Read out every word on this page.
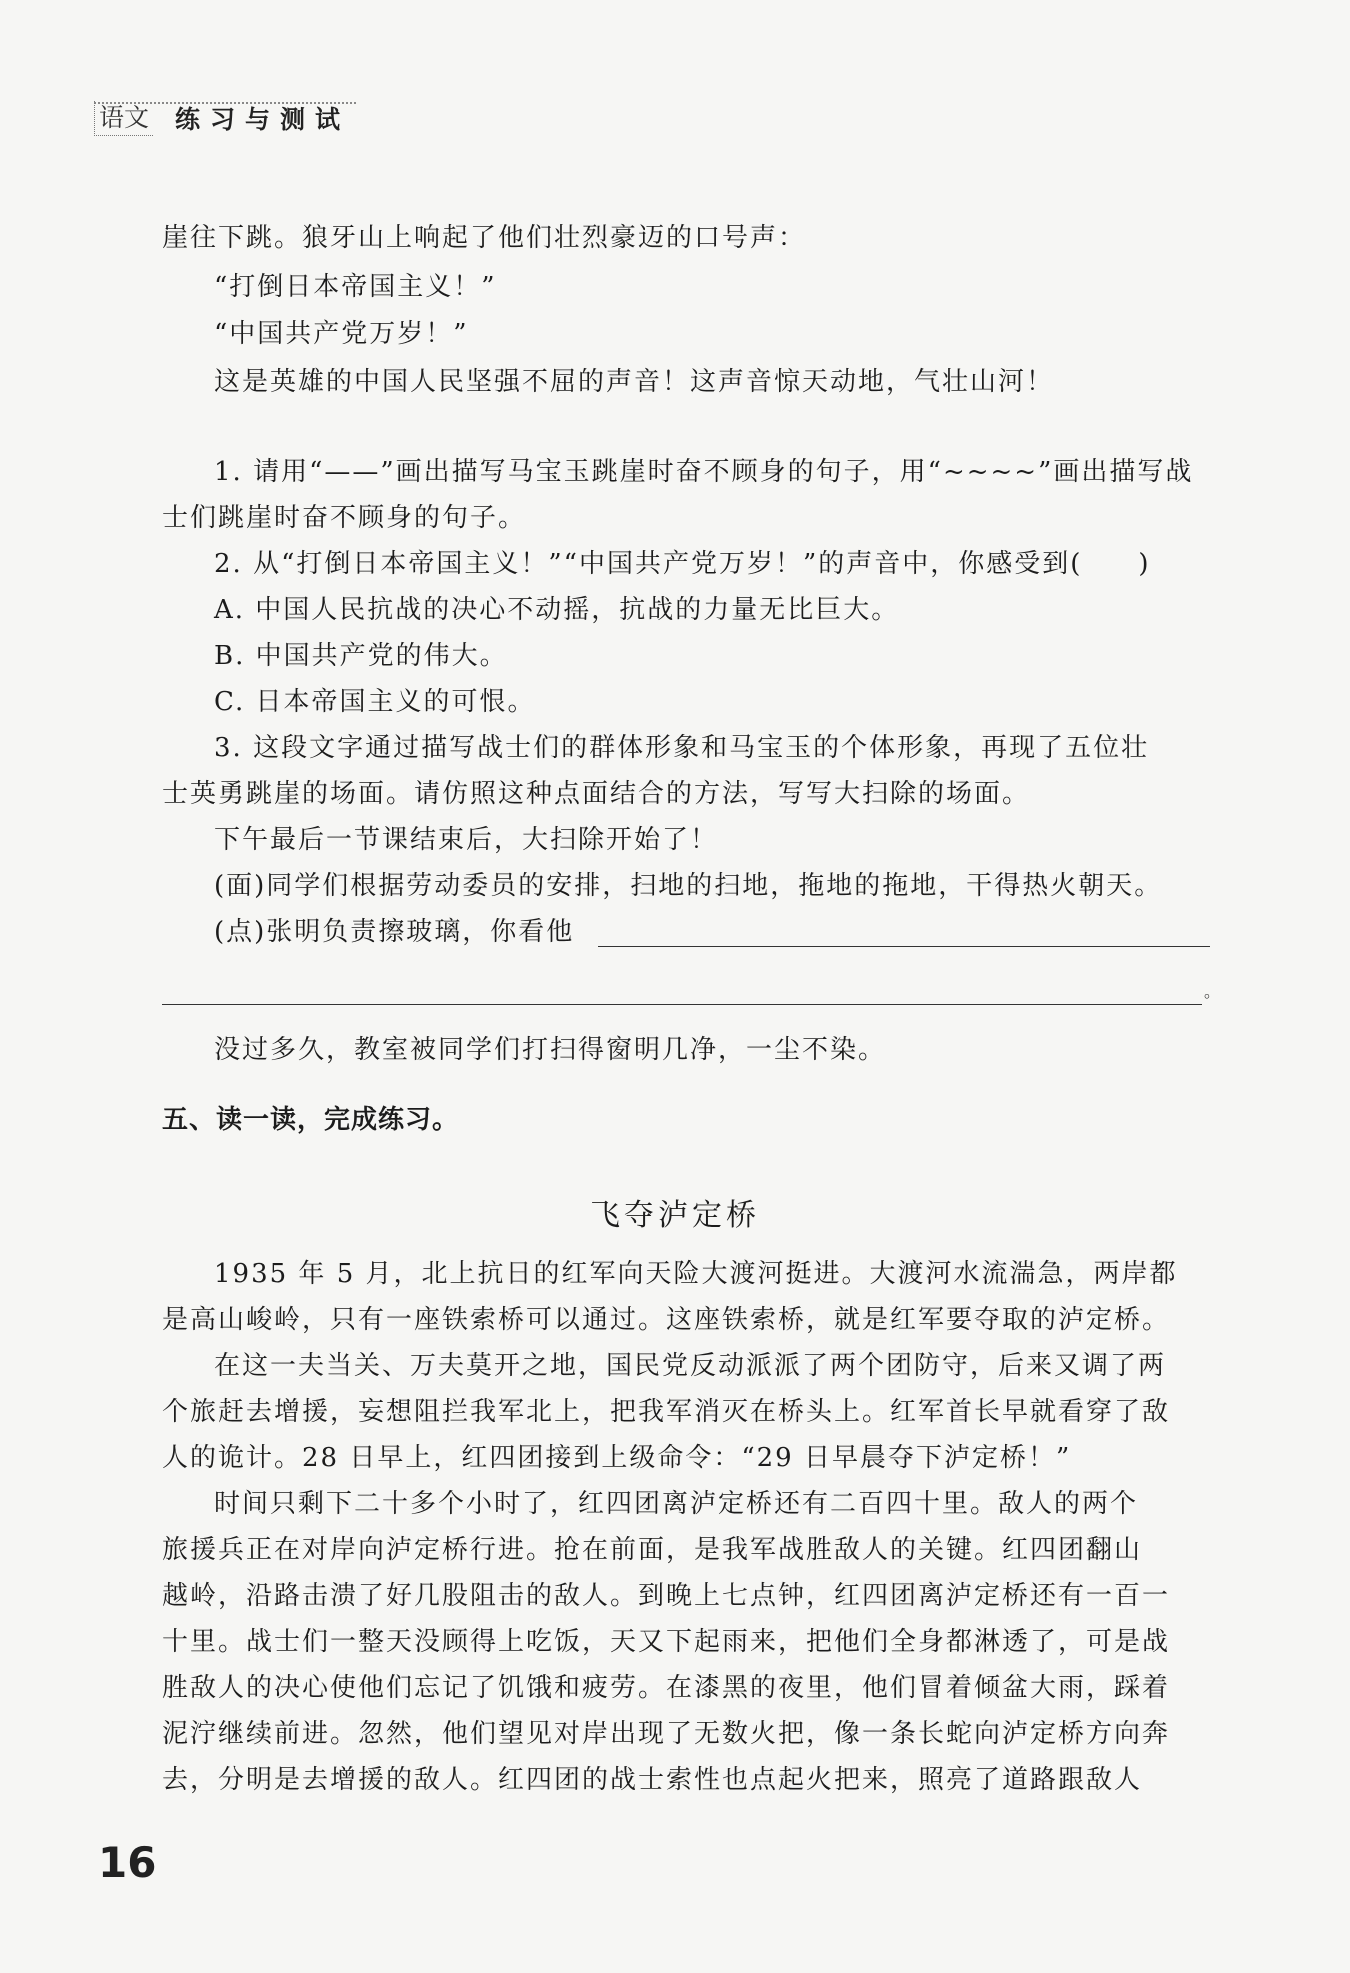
语文 练习与测试
崖往下跳。狼牙山上响起了他们壮烈豪迈的口号声：
“打倒日本帝国主义！”
“中国共产党万岁！”
这是英雄的中国人民坚强不屈的声音！这声音惊天动地，气壮山河！
1. 请用“——”画出描写马宝玉跳崖时奋不顾身的句子，用“~~~~”画出描写战
士们跳崖时奋不顾身的句子。
2. 从“打倒日本帝国主义！”“中国共产党万岁！”的声音中，你感受到(　　)
A. 中国人民抗战的决心不动摇，抗战的力量无比巨大。
B. 中国共产党的伟大。
C. 日本帝国主义的可恨。
3. 这段文字通过描写战士们的群体形象和马宝玉的个体形象，再现了五位壮
士英勇跳崖的场面。请仿照这种点面结合的方法，写写大扫除的场面。
下午最后一节课结束后，大扫除开始了！
(面)同学们根据劳动委员的安排，扫地的扫地，拖地的拖地，干得热火朝天。
(点)张明负责擦玻璃，你看他
。
没过多久，教室被同学们打扫得窗明几净，一尘不染。
五、读一读，完成练习。
飞夺泸定桥
1935 年 5 月，北上抗日的红军向天险大渡河挺进。大渡河水流湍急，两岸都
是高山峻岭，只有一座铁索桥可以通过。这座铁索桥，就是红军要夺取的泸定桥。
在这一夫当关、万夫莫开之地，国民党反动派派了两个团防守，后来又调了两
个旅赶去增援，妄想阻拦我军北上，把我军消灭在桥头上。红军首长早就看穿了敌
人的诡计。28 日早上，红四团接到上级命令：“29 日早晨夺下泸定桥！”
时间只剩下二十多个小时了，红四团离泸定桥还有二百四十里。敌人的两个
旅援兵正在对岸向泸定桥行进。抢在前面，是我军战胜敌人的关键。红四团翻山
越岭，沿路击溃了好几股阻击的敌人。到晚上七点钟，红四团离泸定桥还有一百一
十里。战士们一整天没顾得上吃饭，天又下起雨来，把他们全身都淋透了，可是战
胜敌人的决心使他们忘记了饥饿和疲劳。在漆黑的夜里，他们冒着倾盆大雨，踩着
泥泞继续前进。忽然，他们望见对岸出现了无数火把，像一条长蛇向泸定桥方向奔
去，分明是去增援的敌人。红四团的战士索性也点起火把来，照亮了道路跟敌人
16
